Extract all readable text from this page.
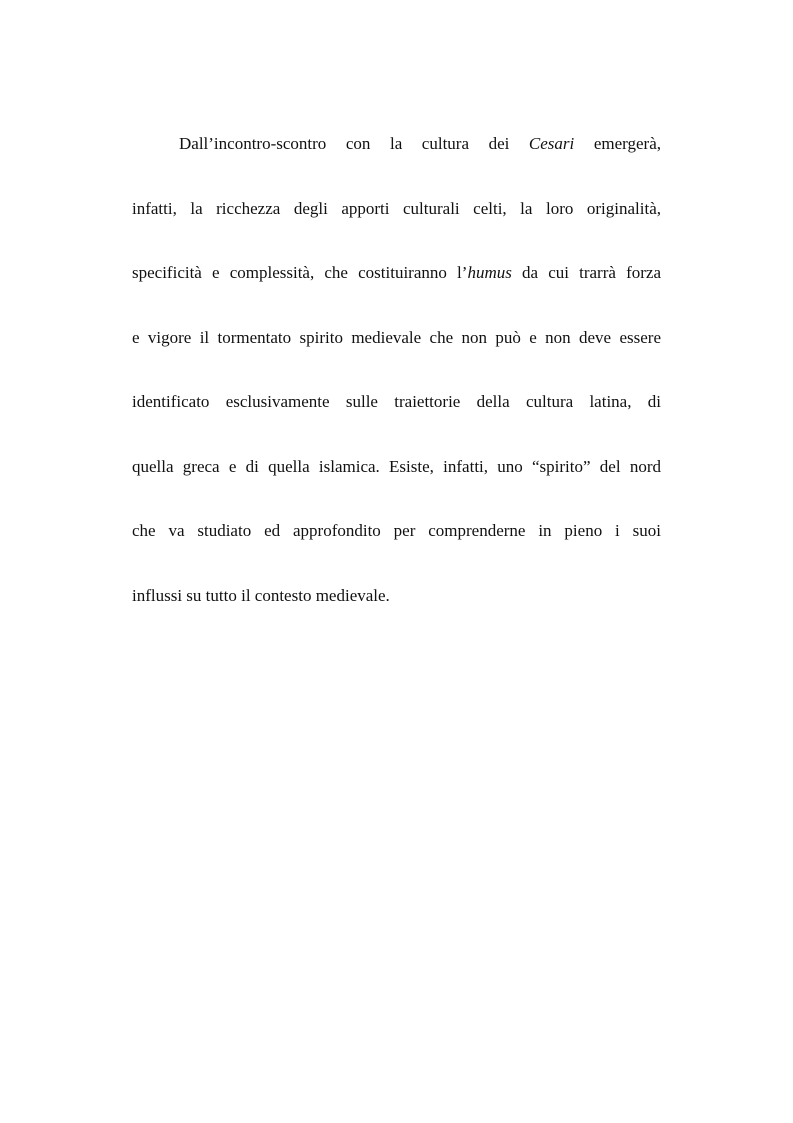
Dall’incontro-scontro con la cultura dei Cesari emergerà,
infatti, la ricchezza degli apporti culturali celti, la loro originalità,
specificità e complessità, che costituiranno l’humus da cui trarrà forza
e vigore il tormentato spirito medievale che non può e non deve essere
identificato esclusivamente sulle traiettorie della cultura latina, di
quella greca e di quella islamica. Esiste, infatti, uno “spirito” del nord
che va studiato ed approfondito per comprenderne in pieno i suoi
influssi su tutto il contesto medievale.
